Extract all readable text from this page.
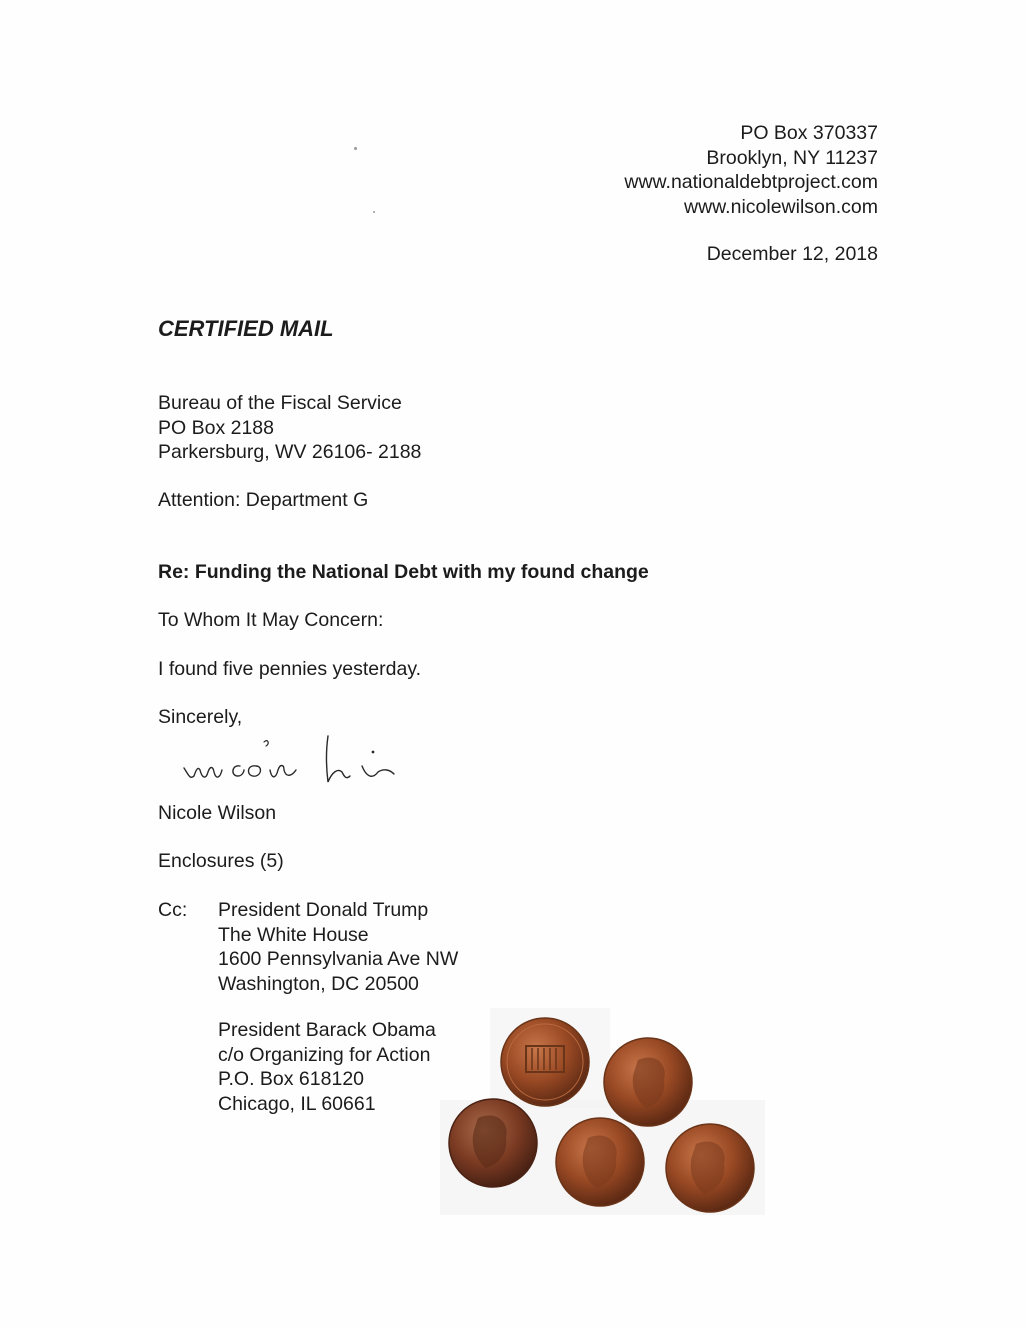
PO Box 370337
Brooklyn, NY 11237
www.nationaldebtproject.com
www.nicolewilson.com
December 12, 2018
CERTIFIED MAIL
Bureau of the Fiscal Service
PO Box 2188
Parkersburg, WV 26106- 2188
Attention: Department G
Re: Funding the National Debt with my found change
To Whom It May Concern:
I found five pennies yesterday.
Sincerely,
Nicole Wilson
Enclosures (5)
Cc: President Donald Trump
The White House
1600 Pennsylvania Ave NW
Washington, DC 20500
President Barack Obama
c/o Organizing for Action
P.O. Box 618120
Chicago, IL 60661
